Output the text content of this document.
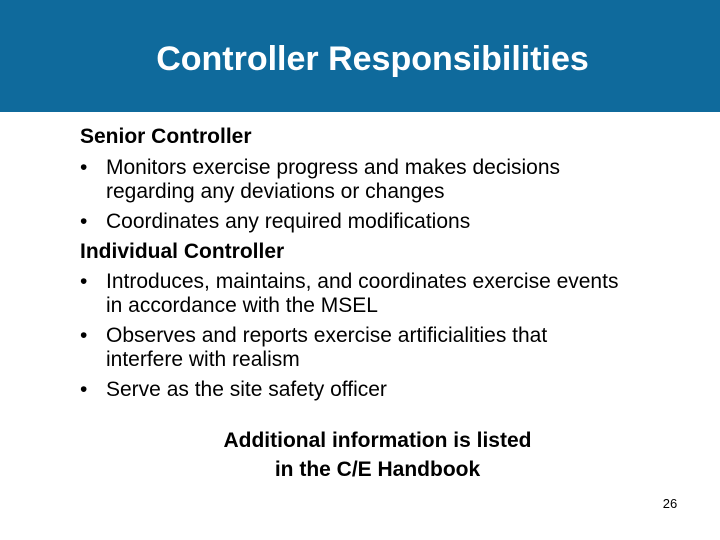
Controller Responsibilities
Senior Controller
• Monitors exercise progress and makes decisions regarding any deviations or changes
• Coordinates any required modifications
Individual Controller
• Introduces, maintains, and coordinates exercise events in accordance with the MSEL
• Observes and reports exercise artificialities that interfere with realism
• Serve as the site safety officer
Additional information is listed
in the C/E Handbook
26
